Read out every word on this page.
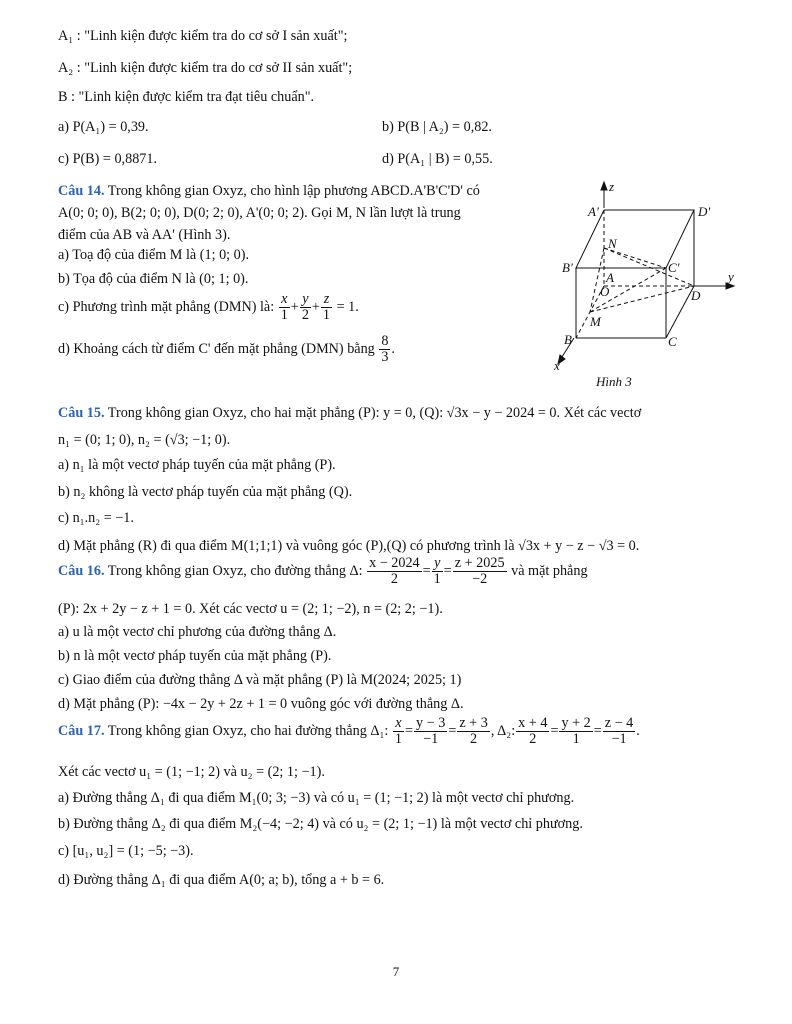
A₁ : "Linh kiện được kiểm tra do cơ sở I sản xuất";
A₂ : "Linh kiện được kiểm tra do cơ sở II sản xuất";
B : "Linh kiện được kiểm tra đạt tiêu chuẩn".
a) P(A₁) = 0,39.	b) P(B | A₂) = 0,82.
c) P(B) = 0,8871.	d) P(A₁ | B) = 0,55.
Câu 14. Trong không gian Oxyz, cho hình lập phương ABCD.A'B'C'D' có
A(0; 0; 0), B(2; 0; 0), D(0; 2; 0), A'(0; 0; 2). Gọi M, N lần lượt là trung
điểm của AB và AA' (Hình 3).
a) Toạ độ của điểm M là (1; 0; 0).
b) Tọa độ của điểm N là (0; 1; 0).
c) Phương trình mặt phẳng (DMN) là: $\frac{x}{1} + \frac{y}{2} + \frac{z}{1} = 1$.
d) Khoảng cách từ điểm C' đến mặt phẳng (DMN) bằng $\frac{8}{3}$ .
z
y
x
A'	D'
B'	C'
N
A
O
M
D
B	C
Hình 3
Câu 15. Trong không gian Oxyz, cho hai mặt phẳng (P): y = 0, (Q): √3x − y − 2024 = 0. Xét các vectơ
n₁ = (0; 1; 0), n₂ = (√3; −1; 0).
a) n₁ là một vectơ pháp tuyến của mặt phẳng (P).
b) n₂ không là vectơ pháp tuyến của mặt phẳng (Q).
c) n₁.n₂ = −1.
d) Mặt phẳng (R) đi qua điểm M(1;1;1) và vuông góc (P),(Q) có phương trình là √3x + y − z − √3 = 0.
Câu 16. Trong không gian Oxyz, cho đường thẳng Δ: $\frac{x - 2024}{2} = \frac{y}{1} = \frac{z + 2025}{-2}$ và mặt phẳng
(P): 2x + 2y − z + 1 = 0. Xét các vectơ u = (2; 1; −2), n = (2; 2; −1).
a) u là một vectơ chỉ phương của đường thẳng Δ.
b) n là một vectơ pháp tuyến của mặt phẳng (P).
c) Giao điểm của đường thẳng Δ và mặt phẳng (P) là M(2024; 2025; 1)
d) Mặt phẳng (P): −4x − 2y + 2z + 1 = 0 vuông góc với đường thẳng Δ.
Câu 17. Trong không gian Oxyz, cho hai đường thẳng Δ₁: $\frac{x}{1} = \frac{y - 3}{-1} = \frac{z + 3}{2}$ , Δ₂: $\frac{x + 4}{2} = \frac{y + 2}{1} = \frac{z - 4}{-1}$ .
Xét các vectơ u₁ = (1; −1; 2) và u₂ = (2; 1; −1).
a) Đường thẳng Δ₁ đi qua điểm M₁(0; 3; −3) và có u₁ = (1; −1; 2) là một vectơ chỉ phương.
b) Đường thẳng Δ₂ đi qua điểm M₂(−4; −2; 4) và có u₂ = (2; 1; −1) là một vectơ chỉ phương.
c) [u₁, u₂] = (1; −5; −3).
d) Đường thẳng Δ₁ đi qua điểm A(0; a; b), tổng a + b = 6.
7
